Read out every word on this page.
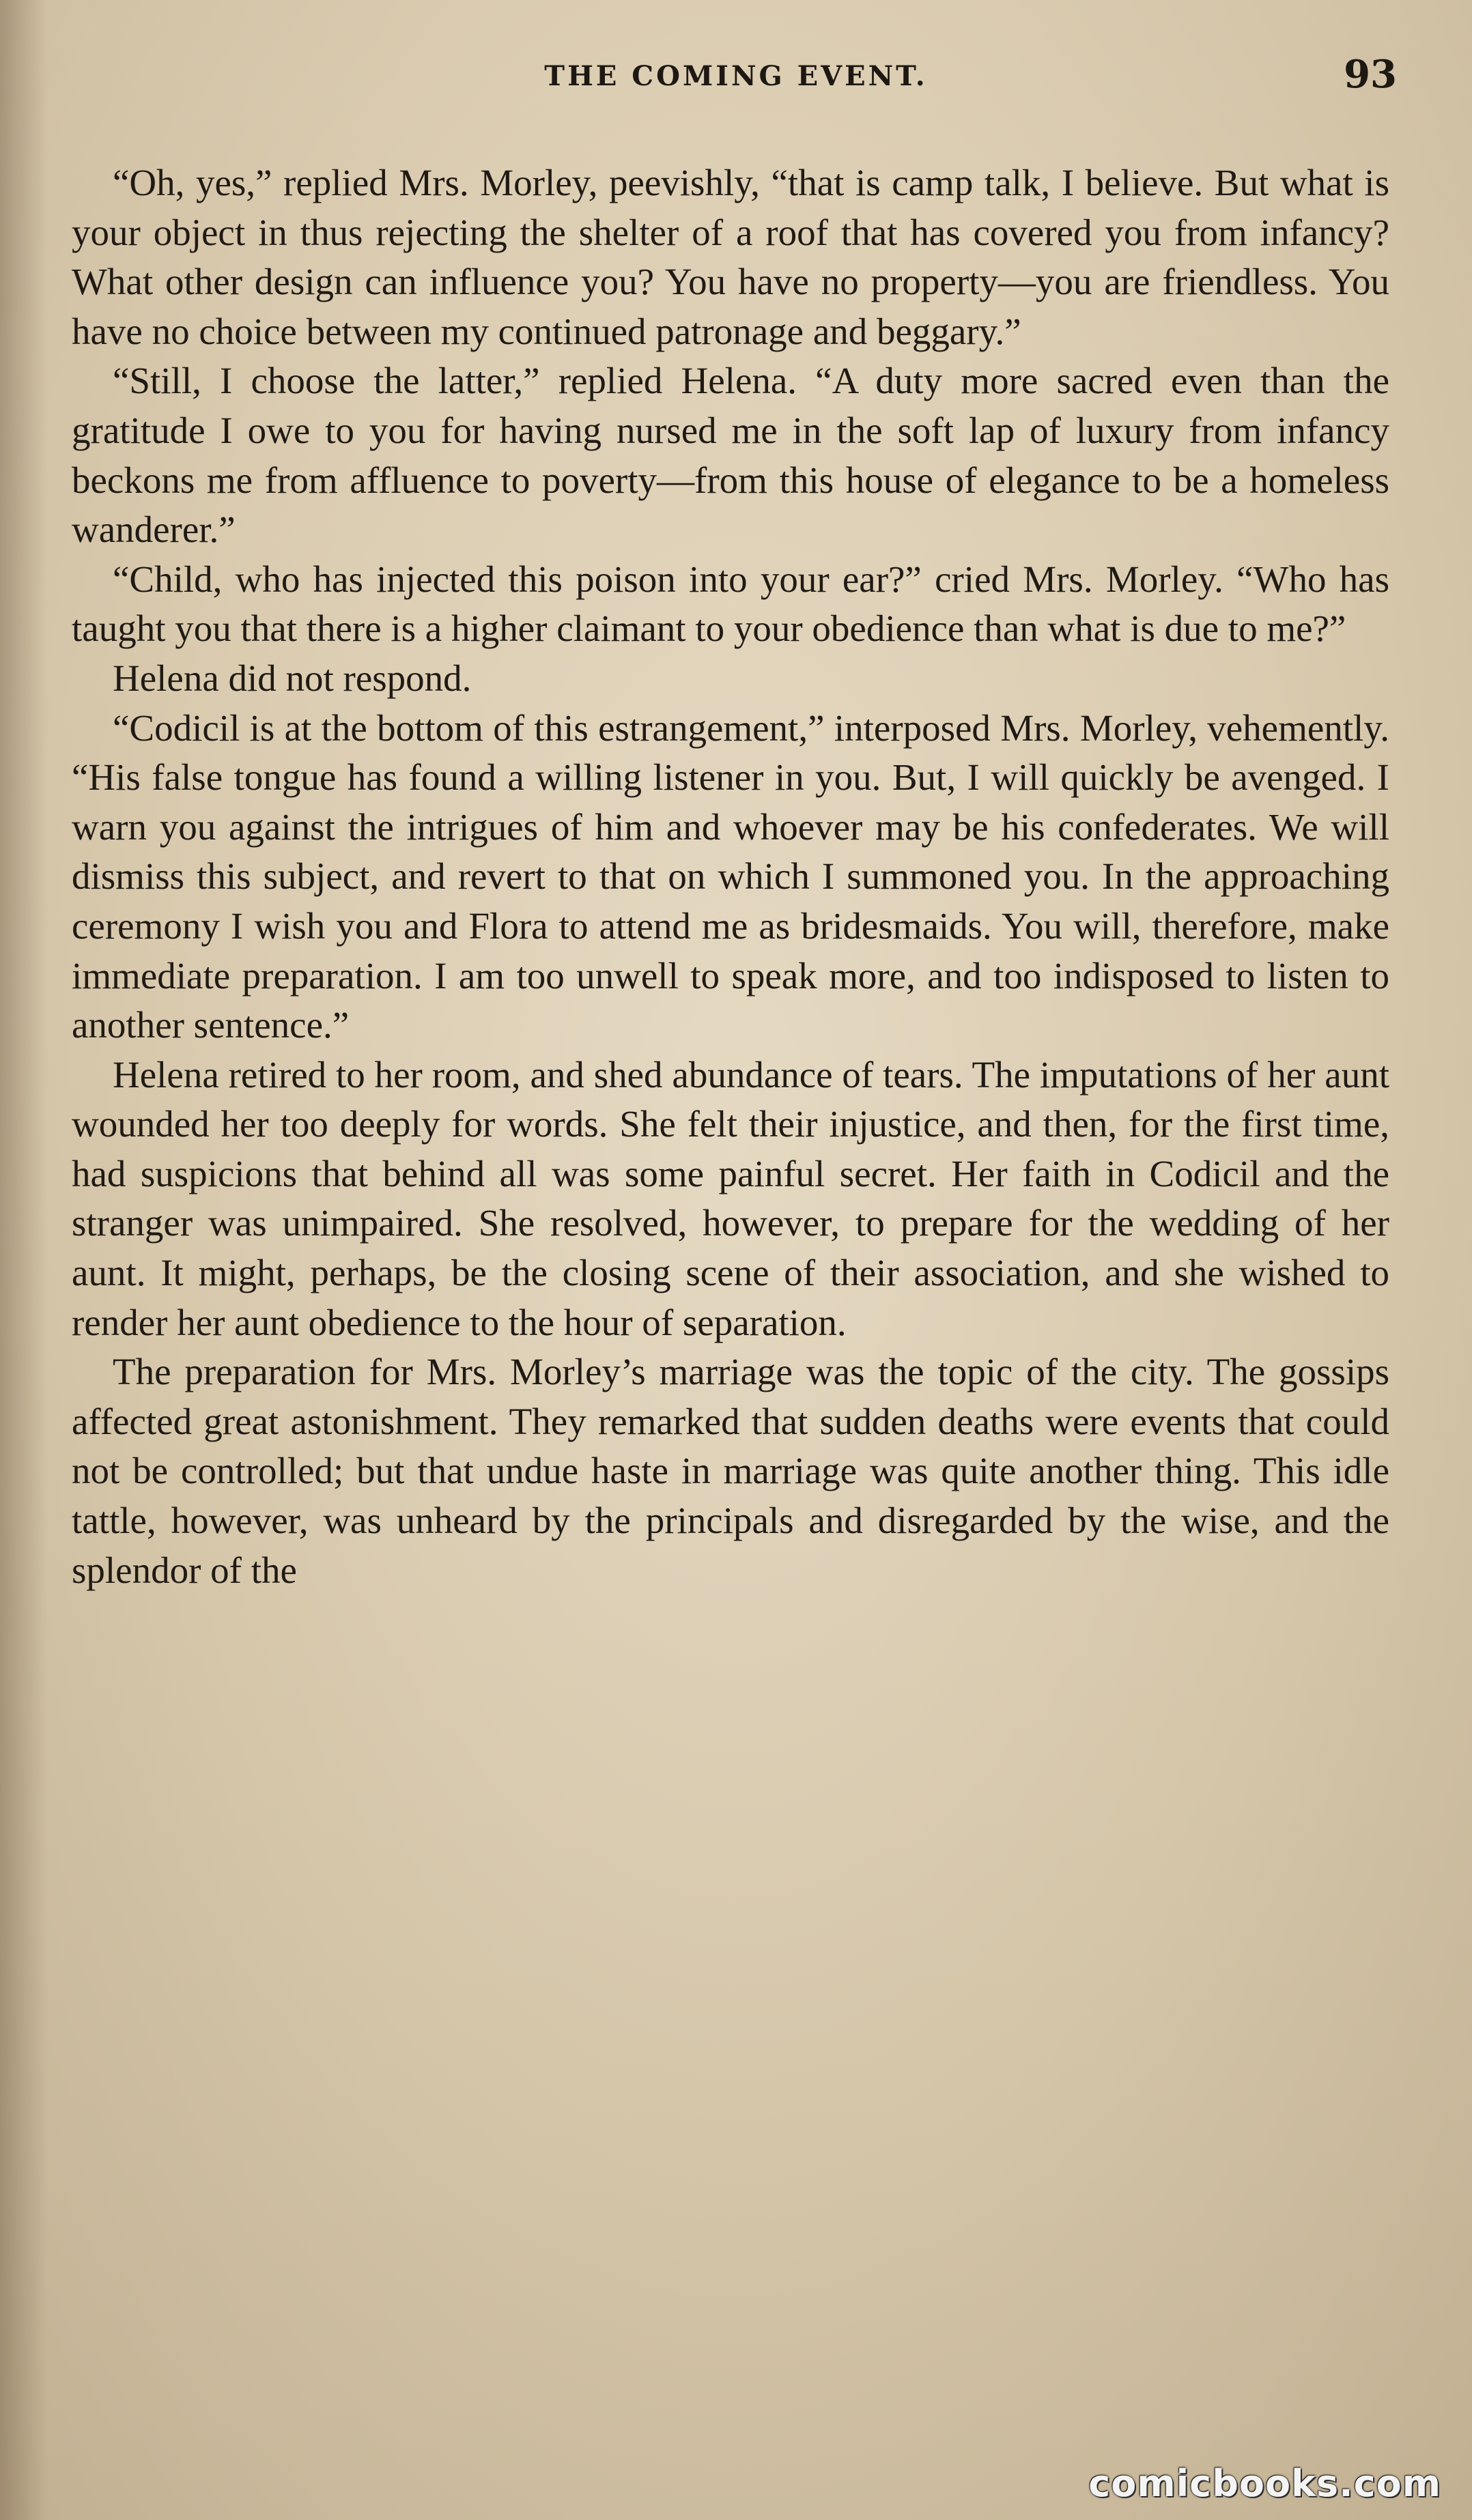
THE COMING EVENT.	93

“Oh, yes,” replied Mrs. Morley, peevishly, “that is camp talk, I believe. But what is your object in thus rejecting the shelter of a roof that has covered you from infancy? What other design can influence you? You have no property—you are friendless. You have no choice between my continued patronage and beggary.”

“Still, I choose the latter,” replied Helena. “A duty more sacred even than the gratitude I owe to you for having nursed me in the soft lap of luxury from infancy beckons me from affluence to poverty—from this house of elegance to be a homeless wanderer.”

“Child, who has injected this poison into your ear?” cried Mrs. Morley. “Who has taught you that there is a higher claimant to your obedience than what is due to me?”

Helena did not respond.

“Codicil is at the bottom of this estrangement,” interposed Mrs. Morley, vehemently. “His false tongue has found a willing listener in you. But, I will quickly be avenged. I warn you against the intrigues of him and whoever may be his confederates. We will dismiss this subject, and revert to that on which I summoned you. In the approaching ceremony I wish you and Flora to attend me as bridesmaids. You will, therefore, make immediate preparation. I am too unwell to speak more, and too indisposed to listen to another sentence.”

Helena retired to her room, and shed abundance of tears. The imputations of her aunt wounded her too deeply for words. She felt their injustice, and then, for the first time, had suspicions that behind all was some painful secret. Her faith in Codicil and the stranger was unimpaired. She resolved, however, to prepare for the wedding of her aunt. It might, perhaps, be the closing scene of their association, and she wished to render her aunt obedience to the hour of separation.

The preparation for Mrs. Morley’s marriage was the topic of the city. The gossips affected great astonishment. They remarked that sudden deaths were events that could not be controlled; but that undue haste in marriage was quite another thing. This idle tattle, however, was unheard by the principals and disregarded by the wise, and the splendor of the

comicbooks.com
